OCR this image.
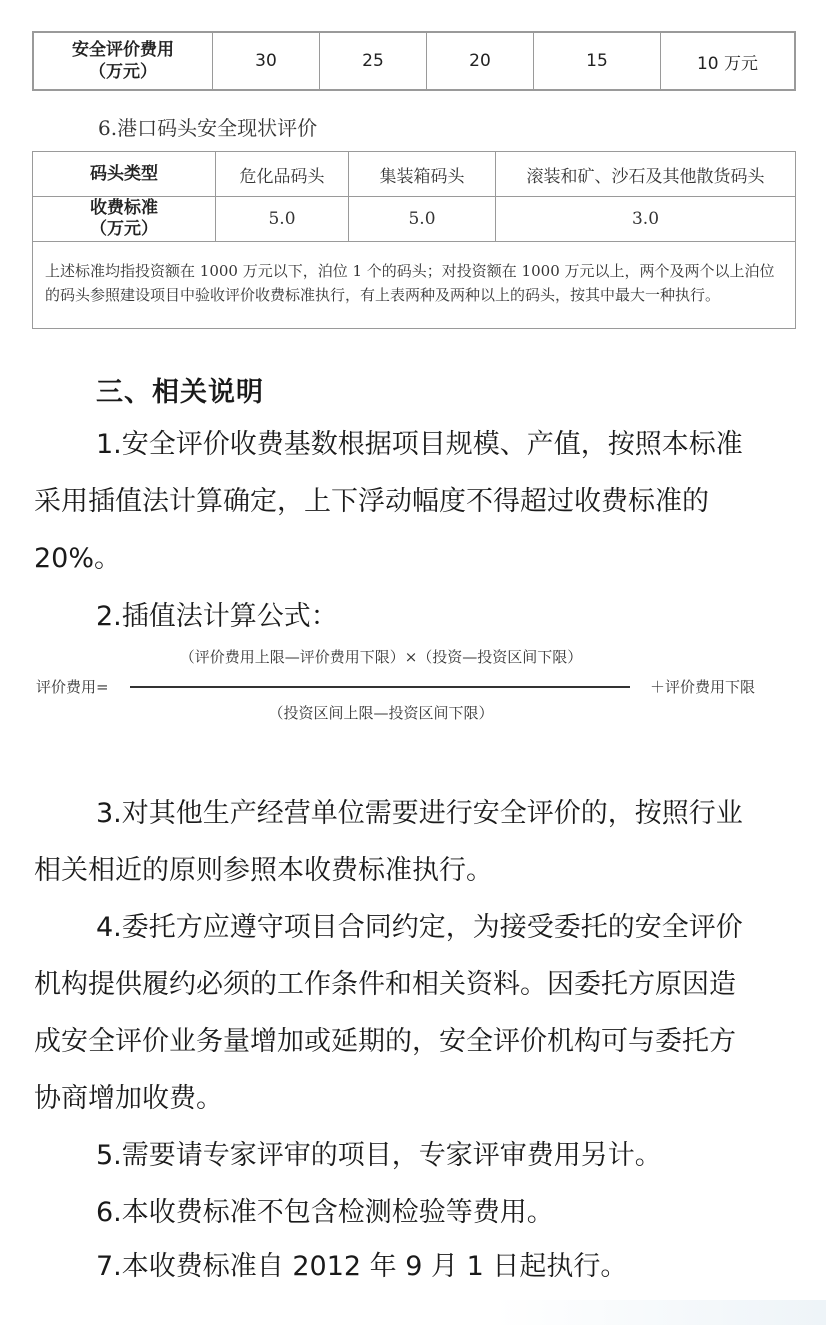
安全评价费用
（万元）	30	25	20	15	10 万元
6.港口码头安全现状评价
码头类型	危化品码头	集装箱码头	滚装和矿、沙石及其他散货码头
收费标准
（万元）	5.0	5.0	3.0
上述标准均指投资额在 1000 万元以下，泊位 1 个的码头；对投资额在 1000 万元以上，两个及两个以上泊位的码头参照建设项目中验收评价收费标准执行，有上表两种及两种以上的码头，按其中最大一种执行。			
三、相关说明
1.安全评价收费基数根据项目规模、产值，按照本标准
采用插值法计算确定，上下浮动幅度不得超过收费标准的
20%。
2.插值法计算公式：
（评价费用上限—评价费用下限）×（投资—投资区间下限）
评价费用=	＋评价费用下限
（投资区间上限—投资区间下限）
3.对其他生产经营单位需要进行安全评价的，按照行业
相关相近的原则参照本收费标准执行。
4.委托方应遵守项目合同约定，为接受委托的安全评价
机构提供履约必须的工作条件和相关资料。因委托方原因造
成安全评价业务量增加或延期的，安全评价机构可与委托方
协商增加收费。
5.需要请专家评审的项目，专家评审费用另计。
6.本收费标准不包含检测检验等费用。
7.本收费标准自 2012 年 9 月 1 日起执行。
